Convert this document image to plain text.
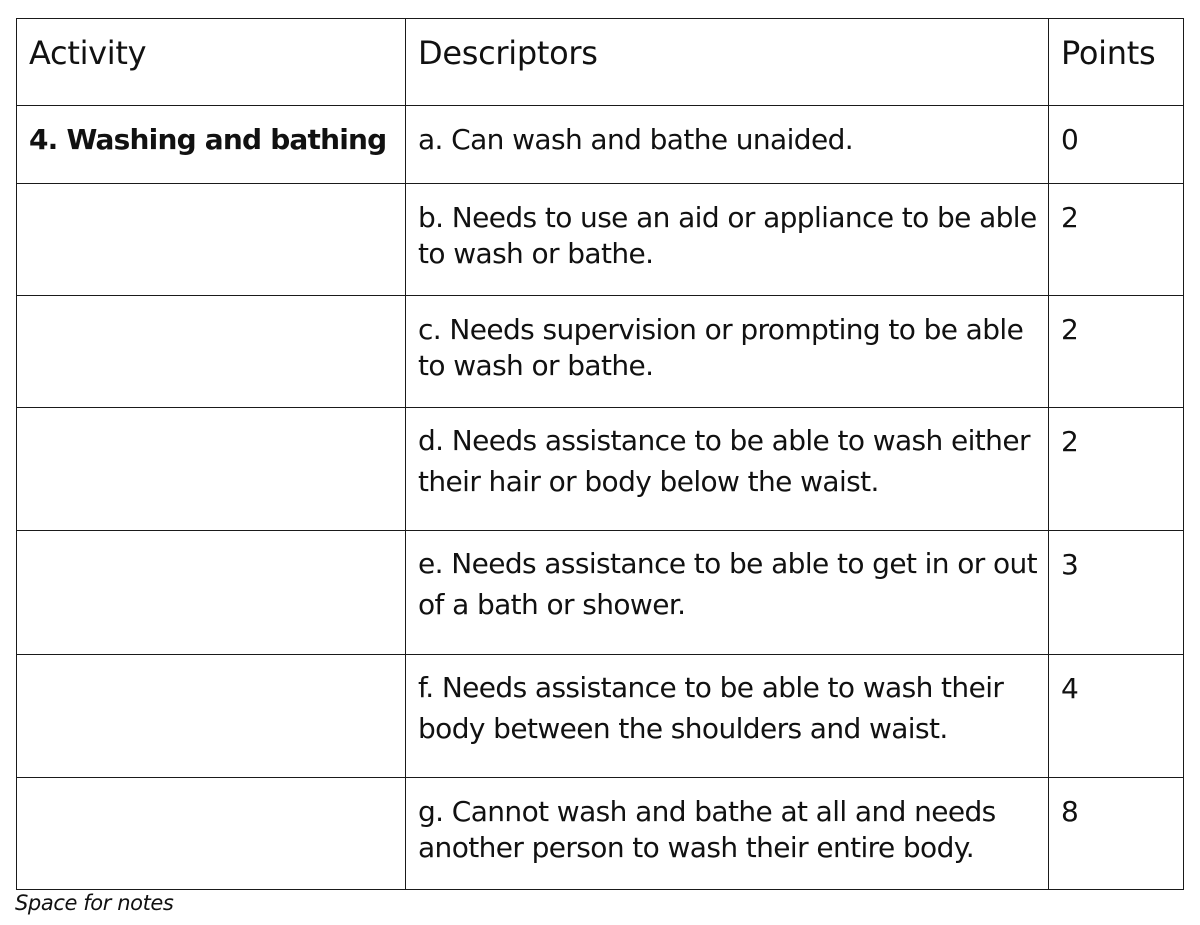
Activity	Descriptors	Points

4. Washing and bathing	a. Can wash and bathe unaided.	0

	b. Needs to use an aid or appliance to be able to wash or bathe.	2

	c. Needs supervision or prompting to be able to wash or bathe.	2

	d. Needs assistance to be able to wash either their hair or body below the waist.	2

	e. Needs assistance to be able to get in or out of a bath or shower.	3

	f. Needs assistance to be able to wash their body between the shoulders and waist.	4

	g. Cannot wash and bathe at all and needs another person to wash their entire body.	8
Space for notes
